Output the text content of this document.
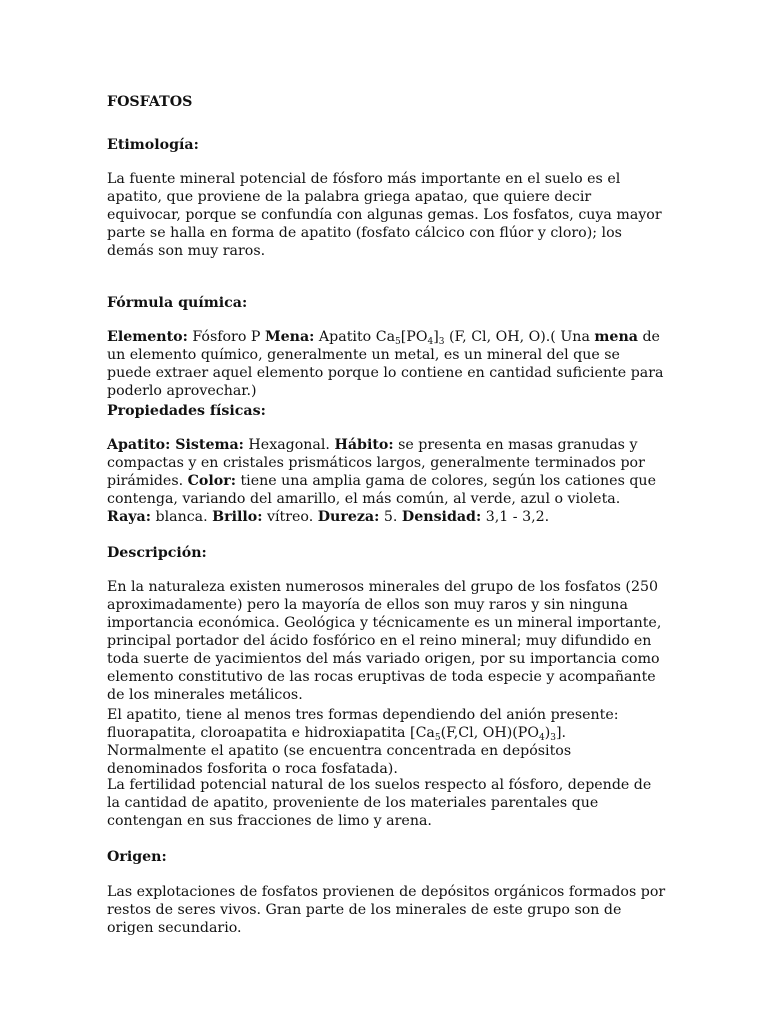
FOSFATOS

Etimología:

La fuente mineral potencial de fósforo más importante en el suelo es el apatito, que proviene de la palabra griega apatao, que quiere decir equivocar, porque se confundía con algunas gemas. Los fosfatos, cuya mayor parte se halla en forma de apatito (fosfato cálcico con flúor y cloro); los demás son muy raros.

Fórmula química:

Elemento: Fósforo P Mena: Apatito $Ca_5[PO_4]_3$ (F, Cl, OH, O).( Una mena de un elemento químico, generalmente un metal, es un mineral del que se puede extraer aquel elemento porque lo contiene en cantidad suficiente para poderlo aprovechar.)

Propiedades físicas:

Apatito: Sistema: Hexagonal. Hábito: se presenta en masas granudas y compactas y en cristales prismáticos largos, generalmente terminados por pirámides. Color: tiene una amplia gama de colores, según los cationes que contenga, variando del amarillo, el más común, al verde, azul o violeta. Raya: blanca. Brillo: vítreo. Dureza: 5. Densidad: 3,1 - 3,2.

Descripción:

En la naturaleza existen numerosos minerales del grupo de los fosfatos (250 aproximadamente) pero la mayoría de ellos son muy raros y sin ninguna importancia económica. Geológica y técnicamente es un mineral importante, principal portador del ácido fosfórico en el reino mineral; muy difundido en toda suerte de yacimientos del más variado origen, por su importancia como elemento constitutivo de las rocas eruptivas de toda especie y acompañante de los minerales metálicos.

El apatito, tiene al menos tres formas dependiendo del anión presente: fluorapatita, cloroapatita e hidroxiapatita [$Ca_5(F,Cl$, $OH)(PO_4)_3$]. Normalmente el apatito (se encuentra concentrada en depósitos denominados fosforita o roca fosfatada).

La fertilidad potencial natural de los suelos respecto al fósforo, depende de la cantidad de apatito, proveniente de los materiales parentales que contengan en sus fracciones de limo y arena.

Origen:

Las explotaciones de fosfatos provienen de depósitos orgánicos formados por restos de seres vivos. Gran parte de los minerales de este grupo son de origen secundario.
